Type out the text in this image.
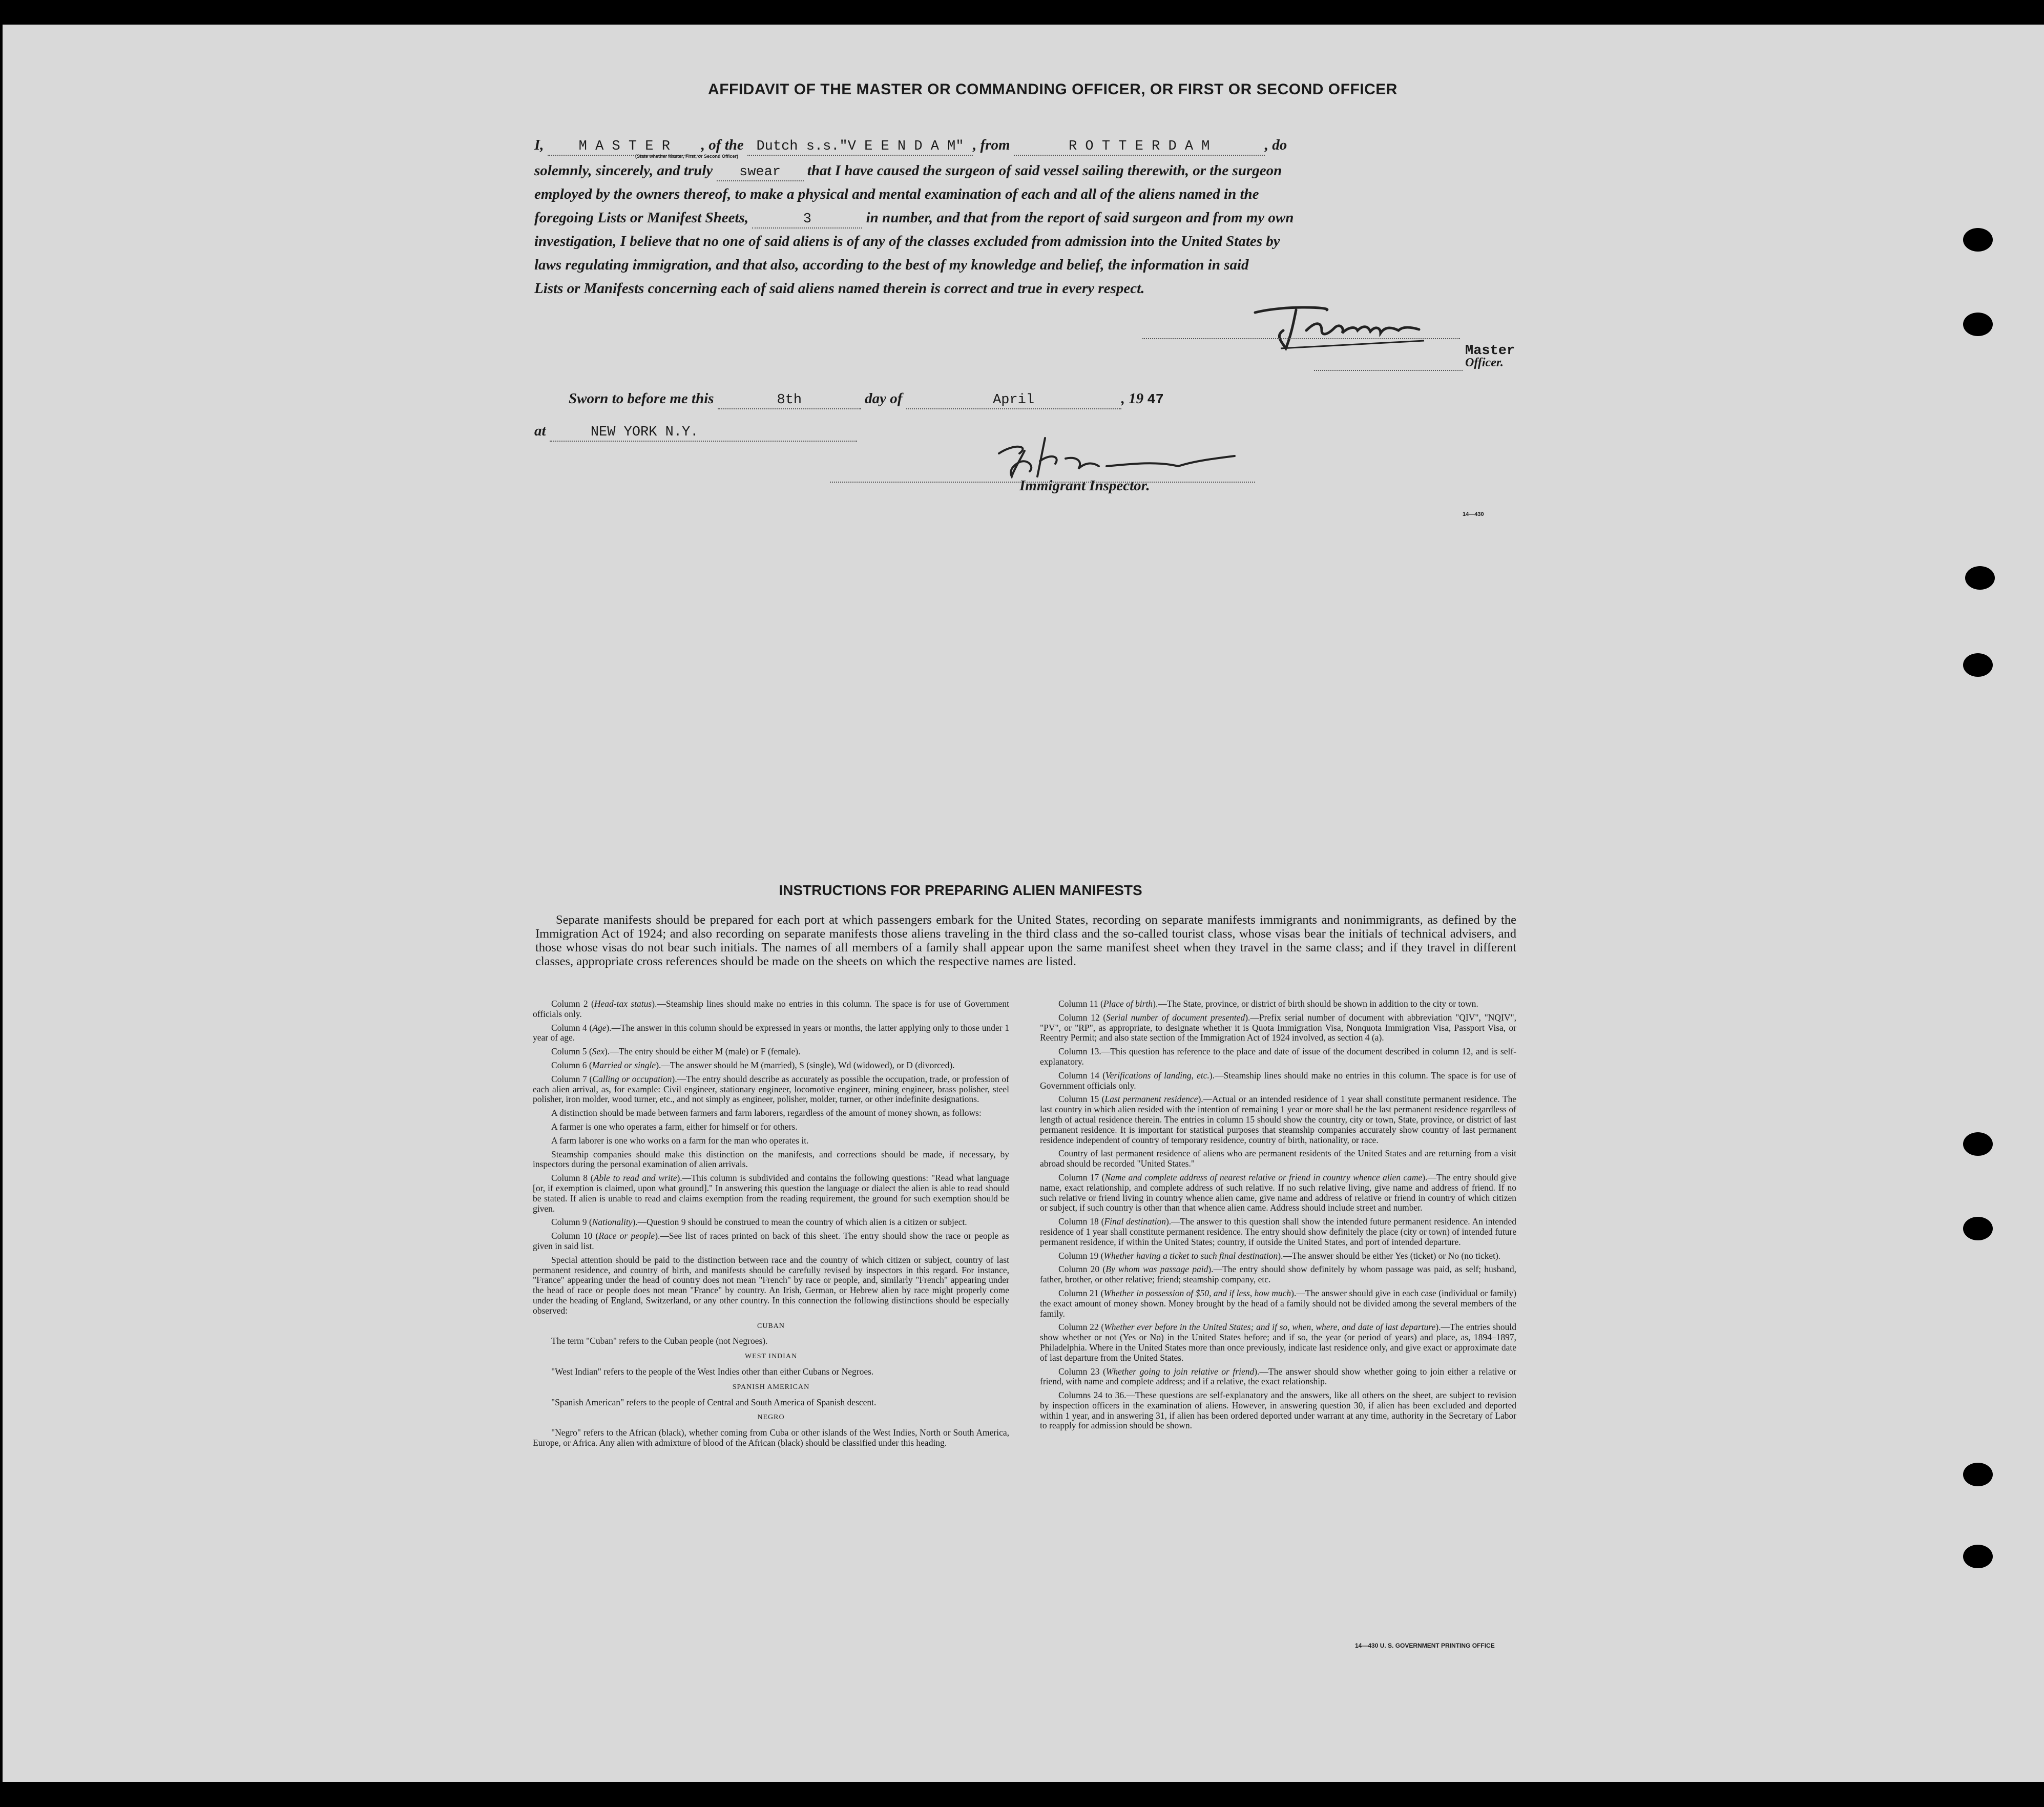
AFFIDAVIT OF THE MASTER OR COMMANDING OFFICER, OR FIRST OR SECOND OFFICER
I,	M A S T E R , of the Dutch s.s."V E E N D A M" , from	R O T T E R D A M	, do
(State whether Master, First, or Second Officer)
solemnly, sincerely, and truly swear that I have caused the surgeon of said vessel sailing therewith, or the surgeon
employed by the owners thereof, to make a physical and mental examination of each and all of the aliens named in the
foregoing Lists or Manifest Sheets,	3	in number, and that from the report of said surgeon and from my own
investigation, I believe that no one of said aliens is of any of the classes excluded from admission into the United States by
laws regulating immigration, and that also, according to the best of my knowledge and belief, the information in said
Lists or Manifests concerning each of said aliens named therein is correct and true in every respect.
Master
Officer.
Sworn to before me this	8th	day of	April	, 19 47
at	NEW YORK N.Y.
Immigrant Inspector.
14—430
INSTRUCTIONS FOR PREPARING ALIEN MANIFESTS
Separate manifests should be prepared for each port at which passengers embark for the United States, recording on separate manifests immigrants and nonimmigrants, as defined by the Immigration Act of 1924; and also recording on separate manifests those aliens traveling in the third class and the so-called tourist class, whose visas bear the initials of technical advisers, and those whose visas do not bear such initials. The names of all members of a family shall appear upon the same manifest sheet when they travel in the same class; and if they travel in different classes, appropriate cross references should be made on the sheets on which the respective names are listed.

Column 2 (Head-tax status).—Steamship lines should make no entries in this column. The space is for use of Government officials only.

Column 4 (Age).—The answer in this column should be expressed in years or months, the latter applying only to those under 1 year of age.

Column 5 (Sex).—The entry should be either M (male) or F (female).

Column 6 (Married or single).—The answer should be M (married), S (single), Wd (widowed), or D (divorced).

Column 7 (Calling or occupation).—The entry should describe as accurately as possible the occupation, trade, or profession of each alien arrival, as, for example: Civil engineer, stationary engineer, locomotive engineer, mining engineer, brass polisher, steel polisher, iron molder, wood turner, etc., and not simply as engineer, polisher, molder, turner, or other indefinite designations.

A distinction should be made between farmers and farm laborers, regardless of the amount of money shown, as follows:

A farmer is one who operates a farm, either for himself or for others.

A farm laborer is one who works on a farm for the man who operates it.

Steamship companies should make this distinction on the manifests, and corrections should be made, if necessary, by inspectors during the personal examination of alien arrivals.

Column 8 (Able to read and write).—This column is subdivided and contains the following questions: "Read what language [or, if exemption is claimed, upon what ground]." In answering this question the language or dialect the alien is able to read should be stated. If alien is unable to read and claims exemption from the reading requirement, the ground for such exemption should be given.

Column 9 (Nationality).—Question 9 should be construed to mean the country of which alien is a citizen or subject.

Column 10 (Race or people).—See list of races printed on back of this sheet. The entry should show the race or people as given in said list.

Special attention should be paid to the distinction between race and the country of which citizen or subject, country of last permanent residence, and country of birth, and manifests should be carefully revised by inspectors in this regard. For instance, "France" appearing under the head of country does not mean "French" by race or people, and, similarly "French" appearing under the head of race or people does not mean "France" by country. An Irish, German, or Hebrew alien by race might properly come under the heading of England, Switzerland, or any other country. In this connection the following distinctions should be especially observed:

CUBAN

The term "Cuban" refers to the Cuban people (not Negroes).

WEST INDIAN

"West Indian" refers to the people of the West Indies other than either Cubans or Negroes.

SPANISH AMERICAN

"Spanish American" refers to the people of Central and South America of Spanish descent.

NEGRO

"Negro" refers to the African (black), whether coming from Cuba or other islands of the West Indies, North or South America, Europe, or Africa. Any alien with admixture of blood of the African (black) should be classified under this heading.

Column 11 (Place of birth).—The State, province, or district of birth should be shown in addition to the city or town.

Column 12 (Serial number of document presented).—Prefix serial number of document with abbreviation "QIV", "NQIV", "PV", or "RP", as appropriate, to designate whether it is Quota Immigration Visa, Nonquota Immigration Visa, Passport Visa, or Reentry Permit; and also state section of the Immigration Act of 1924 involved, as section 4 (a).

Column 13.—This question has reference to the place and date of issue of the document described in column 12, and is self-explanatory.

Column 14 (Verifications of landing, etc.).—Steamship lines should make no entries in this column. The space is for use of Government officials only.

Column 15 (Last permanent residence).—Actual or an intended residence of 1 year shall constitute permanent residence. The last country in which alien resided with the intention of remaining 1 year or more shall be the last permanent residence regardless of length of actual residence therein. The entries in column 15 should show the country, city or town, State, province, or district of last permanent residence. It is important for statistical purposes that steamship companies accurately show country of last permanent residence independent of country of temporary residence, country of birth, nationality, or race.

Country of last permanent residence of aliens who are permanent residents of the United States and are returning from a visit abroad should be recorded "United States."

Column 17 (Name and complete address of nearest relative or friend in country whence alien came).—The entry should give name, exact relationship, and complete address of such relative. If no such relative living, give name and address of friend. If no such relative or friend living in country whence alien came, give name and address of relative or friend in country of which citizen or subject, if such country is other than that whence alien came. Address should include street and number.

Column 18 (Final destination).—The answer to this question shall show the intended future permanent residence. An intended residence of 1 year shall constitute permanent residence. The entry should show definitely the place (city or town) of intended future permanent residence, if within the United States; country, if outside the United States, and port of intended departure.

Column 19 (Whether having a ticket to such final destination).—The answer should be either Yes (ticket) or No (no ticket).

Column 20 (By whom was passage paid).—The entry should show definitely by whom passage was paid, as self; husband, father, brother, or other relative; friend; steamship company, etc.

Column 21 (Whether in possession of $50, and if less, how much).—The answer should give in each case (individual or family) the exact amount of money shown. Money brought by the head of a family should not be divided among the several members of the family.

Column 22 (Whether ever before in the United States; and if so, when, where, and date of last departure).—The entries should show whether or not (Yes or No) in the United States before; and if so, the year (or period of years) and place, as, 1894–1897, Philadelphia. Where in the United States more than once previously, indicate last residence only, and give exact or approximate date of last departure from the United States.

Column 23 (Whether going to join relative or friend).—The answer should show whether going to join either a relative or friend, with name and complete address; and if a relative, the exact relationship.

Columns 24 to 36.—These questions are self-explanatory and the answers, like all others on the sheet, are subject to revision by inspection officers in the examination of aliens. However, in answering question 30, if alien has been excluded and deported within 1 year, and in answering 31, if alien has been ordered deported under warrant at any time, authority in the Secretary of Labor to reapply for admission should be shown.

14—430 U. S. GOVERNMENT PRINTING OFFICE
